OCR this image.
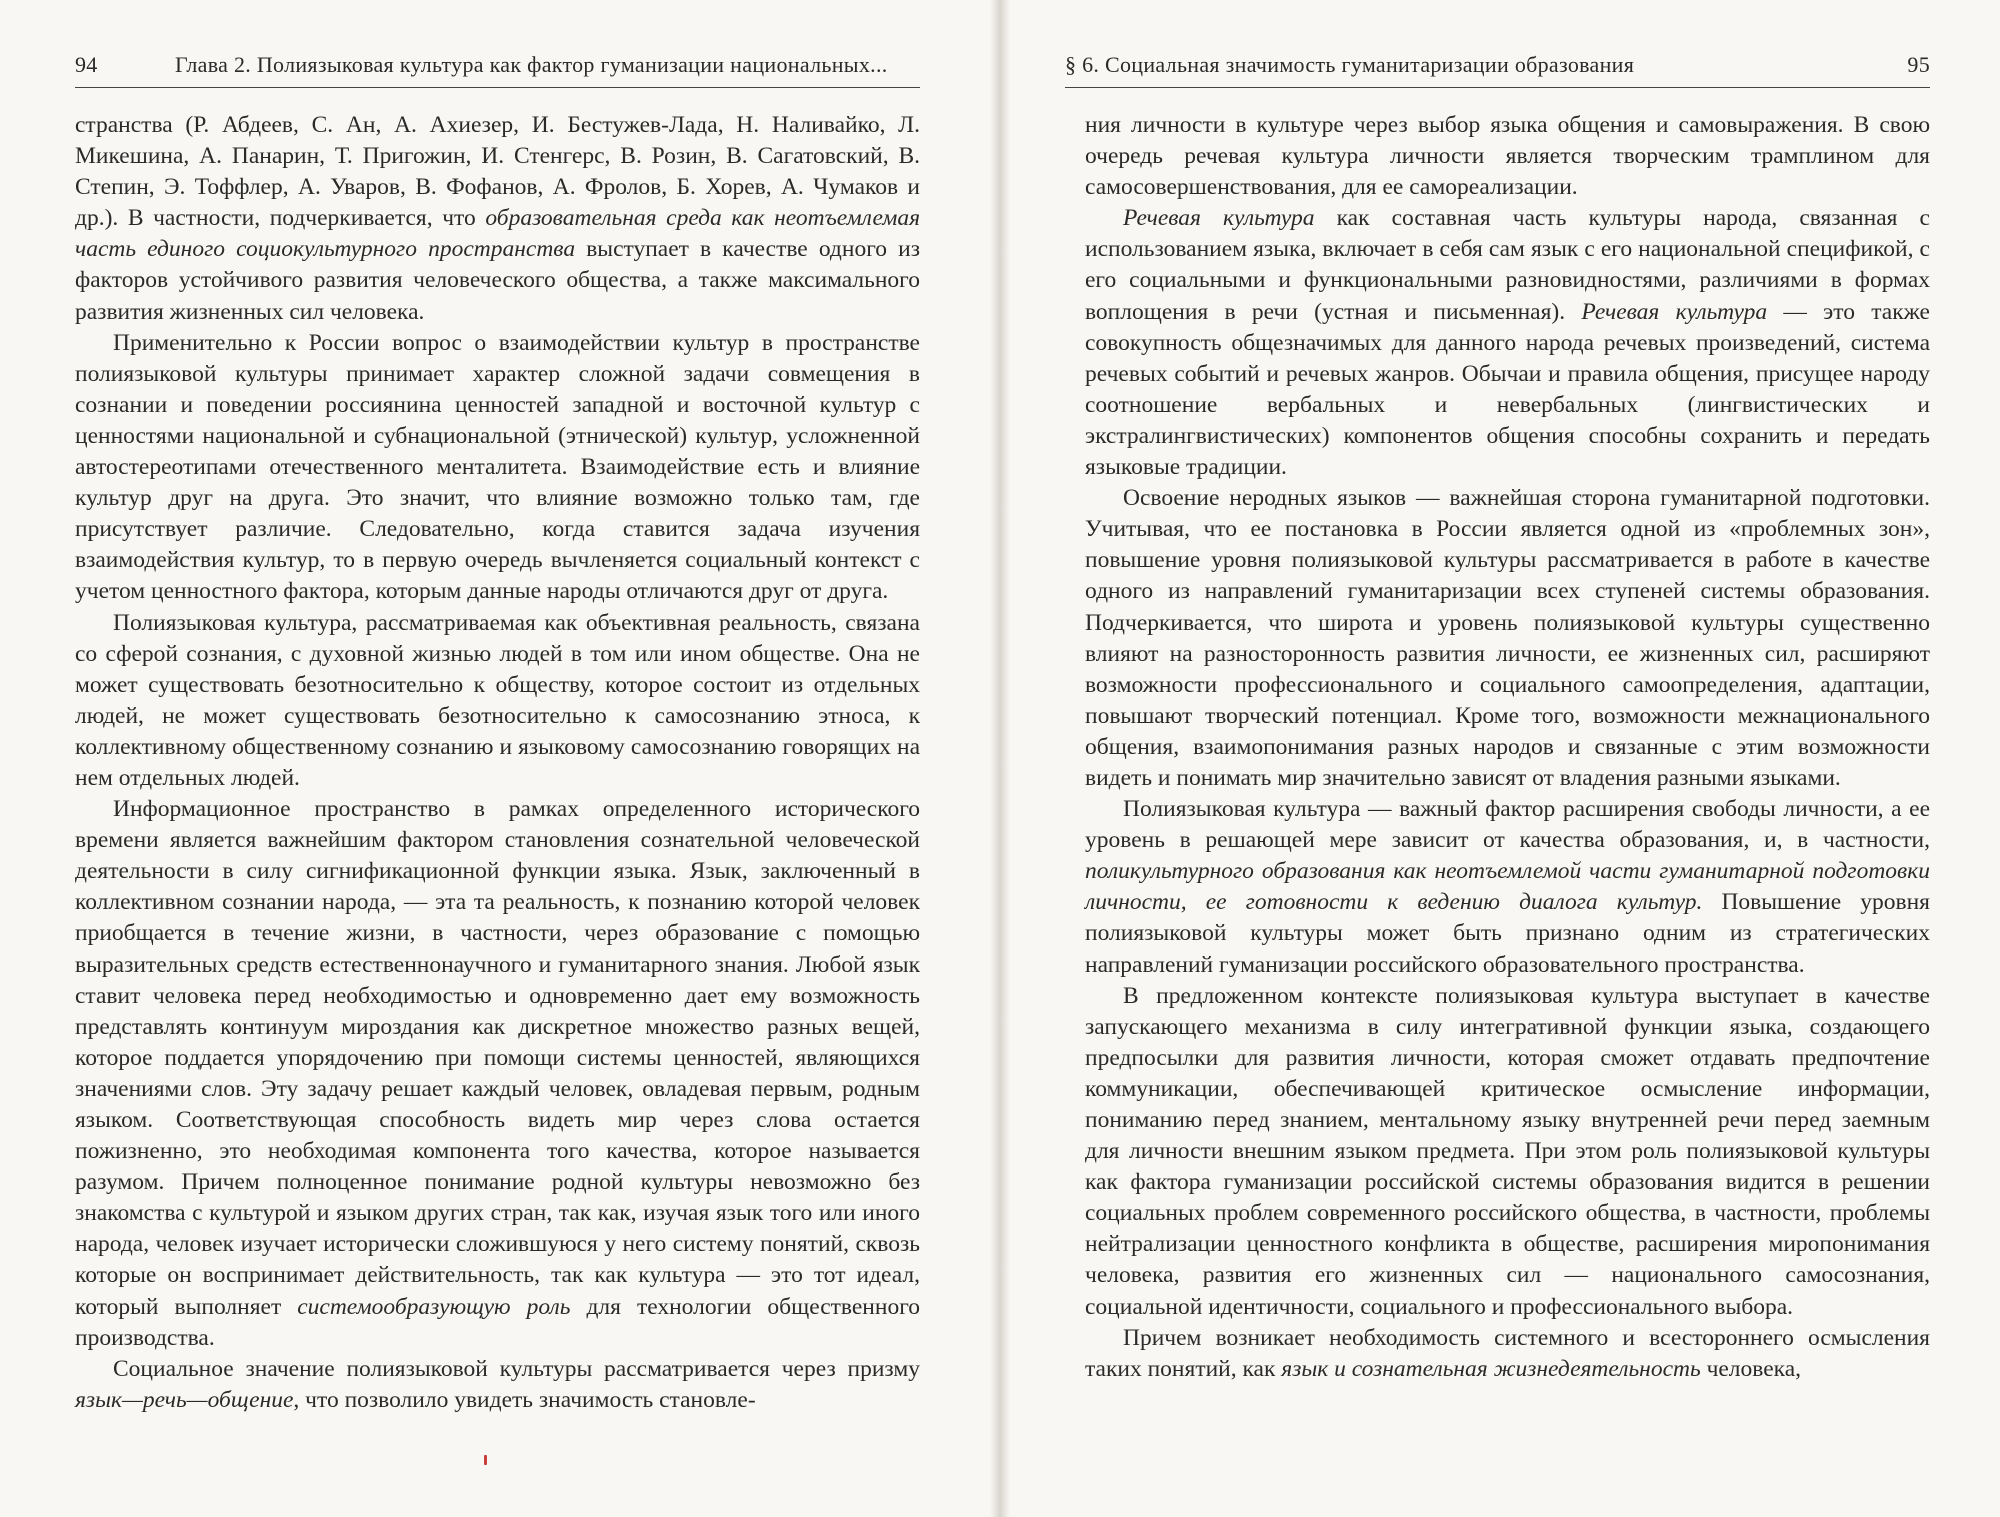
94	Глава 2. Полиязыковая культура как фактор гуманизации национальных...

странства (Р. Абдеев, С. Ан, А. Ахиезер, И. Бестужев-Лада, Н. Наливайко, Л. Микешина, А. Панарин, Т. Пригожин, И. Стенгерс, В. Розин, В. Сагатовский, В. Степин, Э. Тоффлер, А. Уваров, В. Фофанов, А. Фролов, Б. Хорев, А. Чумаков и др.). В частности, подчеркивается, что образовательная среда как неотъемлемая часть единого социокультурного пространства выступает в качестве одного из факторов устойчивого развития человеческого общества, а также максимального развития жизненных сил человека.

Применительно к России вопрос о взаимодействии культур в пространстве полиязыковой культуры принимает характер сложной задачи совмещения в сознании и поведении россиянина ценностей западной и восточной культур с ценностями национальной и субнациональной (этнической) культур, усложненной автостереотипами отечественного менталитета. Взаимодействие есть и влияние культур друг на друга. Это значит, что влияние возможно только там, где присутствует различие. Следовательно, когда ставится задача изучения взаимодействия культур, то в первую очередь вычленяется социальный контекст с учетом ценностного фактора, которым данные народы отличаются друг от друга.

Полиязыковая культура, рассматриваемая как объективная реальность, связана со сферой сознания, с духовной жизнью людей в том или ином обществе. Она не может существовать безотносительно к обществу, которое состоит из отдельных людей, не может существовать безотносительно к самосознанию этноса, к коллективному общественному сознанию и языковому самосознанию говорящих на нем отдельных людей.

Информационное пространство в рамках определенного исторического времени является важнейшим фактором становления сознательной человеческой деятельности в силу сигнификационной функции языка. Язык, заключенный в коллективном сознании народа, — эта та реальность, к познанию которой человек приобщается в течение жизни, в частности, через образование с помощью выразительных средств естественнонаучного и гуманитарного знания. Любой язык ставит человека перед необходимостью и одновременно дает ему возможность представлять континуум мироздания как дискретное множество разных вещей, которое поддается упорядочению при помощи системы ценностей, являющихся значениями слов. Эту задачу решает каждый человек, овладевая первым, родным языком. Соответствующая способность видеть мир через слова остается пожизненно, это необходимая компонента того качества, которое называется разумом. Причем полноценное понимание родной культуры невозможно без знакомства с культурой и языком других стран, так как, изучая язык того или иного народа, человек изучает исторически сложившуюся у него систему понятий, сквозь которые он воспринимает действительность, так как культура — это тот идеал, который выполняет системообразующую роль для технологии общественного производства.

Социальное значение полиязыковой культуры рассматривается через призму язык—речь—общение, что позволило увидеть значимость становле-

§ 6. Социальная значимость гуманитаризации образования	95

ния личности в культуре через выбор языка общения и самовыражения. В свою очередь речевая культура личности является творческим трамплином для самосовершенствования, для ее самореализации.

Речевая культура как составная часть культуры народа, связанная с использованием языка, включает в себя сам язык с его национальной спецификой, с его социальными и функциональными разновидностями, различиями в формах воплощения в речи (устная и письменная). Речевая культура — это также совокупность общезначимых для данного народа речевых произведений, система речевых событий и речевых жанров. Обычаи и правила общения, присущее народу соотношение вербальных и невербальных (лингвистических и экстралингвистических) компонентов общения способны сохранить и передать языковые традиции.

Освоение неродных языков — важнейшая сторона гуманитарной подготовки. Учитывая, что ее постановка в России является одной из «проблемных зон», повышение уровня полиязыковой культуры рассматривается в работе в качестве одного из направлений гуманитаризации всех ступеней системы образования. Подчеркивается, что широта и уровень полиязыковой культуры существенно влияют на разносторонность развития личности, ее жизненных сил, расширяют возможности профессионального и социального самоопределения, адаптации, повышают творческий потенциал. Кроме того, возможности межнационального общения, взаимопонимания разных народов и связанные с этим возможности видеть и понимать мир значительно зависят от владения разными языками.

Полиязыковая культура — важный фактор расширения свободы личности, а ее уровень в решающей мере зависит от качества образования, и, в частности, поликультурного образования как неотъемлемой части гуманитарной подготовки личности, ее готовности к ведению диалога культур. Повышение уровня полиязыковой культуры может быть признано одним из стратегических направлений гуманизации российского образовательного пространства.

В предложенном контексте полиязыковая культура выступает в качестве запускающего механизма в силу интегративной функции языка, создающего предпосылки для развития личности, которая сможет отдавать предпочтение коммуникации, обеспечивающей критическое осмысление информации, пониманию перед знанием, ментальному языку внутренней речи перед заемным для личности внешним языком предмета. При этом роль полиязыковой культуры как фактора гуманизации российской системы образования видится в решении социальных проблем современного российского общества, в частности, проблемы нейтрализации ценностного конфликта в обществе, расширения миропонимания человека, развития его жизненных сил — национального самосознания, социальной идентичности, социального и профессионального выбора.

Причем возникает необходимость системного и всестороннего осмысления таких понятий, как язык и сознательная жизнедеятельность человека,
